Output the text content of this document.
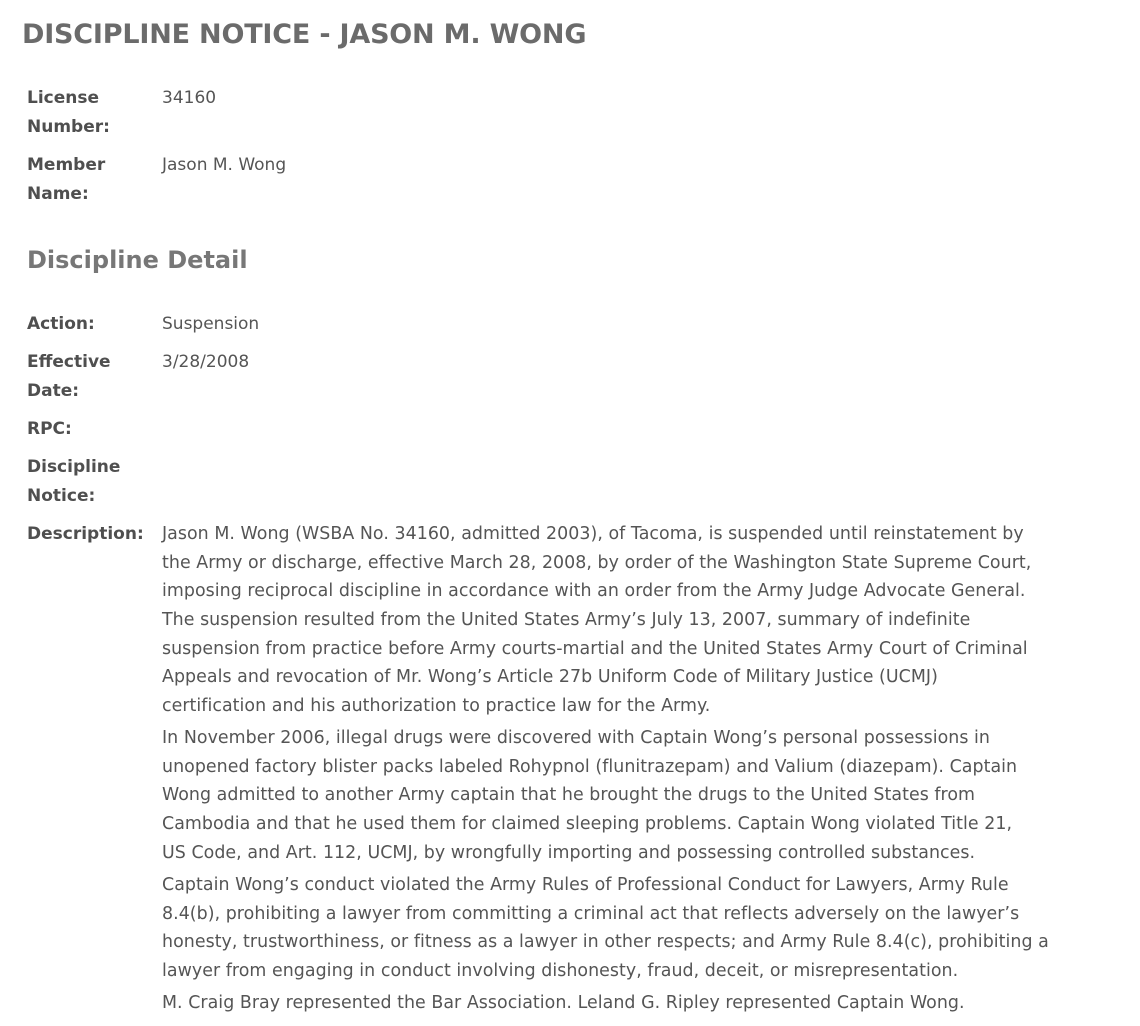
DISCIPLINE NOTICE - JASON M. WONG
License
Number:
34160
Member
Name:
Jason M. Wong
Discipline Detail
Action:	Suspension
Effective
Date:
3/28/2008
RPC:
Discipline
Notice:
Description:	Jason M. Wong (WSBA No. 34160, admitted 2003), of Tacoma, is suspended until reinstatement by
the Army or discharge, effective March 28, 2008, by order of the Washington State Supreme Court,
imposing reciprocal discipline in accordance with an order from the Army Judge Advocate General.
The suspension resulted from the United States Army’s July 13, 2007, summary of indefinite
suspension from practice before Army courts-martial and the United States Army Court of Criminal
Appeals and revocation of Mr. Wong’s Article 27b Uniform Code of Military Justice (UCMJ)
certification and his authorization to practice law for the Army.
In November 2006, illegal drugs were discovered with Captain Wong’s personal possessions in
unopened factory blister packs labeled Rohypnol (flunitrazepam) and Valium (diazepam). Captain
Wong admitted to another Army captain that he brought the drugs to the United States from
Cambodia and that he used them for claimed sleeping problems. Captain Wong violated Title 21,
US Code, and Art. 112, UCMJ, by wrongfully importing and possessing controlled substances.
Captain Wong’s conduct violated the Army Rules of Professional Conduct for Lawyers, Army Rule
8.4(b), prohibiting a lawyer from committing a criminal act that reflects adversely on the lawyer’s
honesty, trustworthiness, or fitness as a lawyer in other respects; and Army Rule 8.4(c), prohibiting a
lawyer from engaging in conduct involving dishonesty, fraud, deceit, or misrepresentation.
M. Craig Bray represented the Bar Association. Leland G. Ripley represented Captain Wong.
